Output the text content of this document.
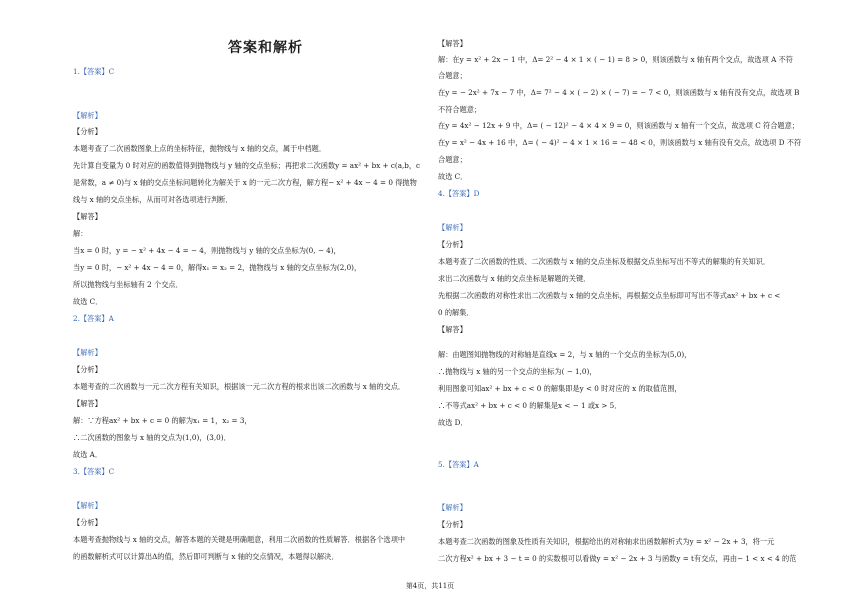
答案和解析
1.【答案】C
【解析】
【分析】
本题考查了二次函数图象上点的坐标特征，抛物线与 x 轴的交点，属于中档题．
先计算自变量为 0 时对应的函数值得到抛物线与 y 轴的交点坐标；再把求二次函数y = ax² + bx + c(a,b，c
是常数，a ≠ 0)与 x 轴的交点坐标问题转化为解关于 x 的一元二次方程，解方程− x² + 4x − 4 = 0 得抛物
线与 x 轴的交点坐标，从而可对各选项进行判断．
【解答】
解：
当x = 0 时，y = − x² + 4x − 4 = − 4，则抛物线与 y 轴的交点坐标为(0, − 4)，
当y = 0 时，− x² + 4x − 4 = 0，解得x₁ = x₂ = 2，抛物线与 x 轴的交点坐标为(2,0)，
所以抛物线与坐标轴有 2 个交点．
故选 C．
2.【答案】A
【解析】
【分析】
本题考查的二次函数与一元二次方程有关知识，根据该一元二次方程的根求出该二次函数与 x 轴的交点．
【解答】
解：∵方程ax² + bx + c = 0 的解为x₁ = 1，x₂ = 3，
∴二次函数的图象与 x 轴的交点为(1,0)，(3,0)．
故选 A．
3.【答案】C
【解析】
【分析】
本题考查抛物线与 x 轴的交点，解答本题的关键是明确题意，利用二次函数的性质解答．根据各个选项中
的函数解析式可以计算出Δ的值，然后即可判断与 x 轴的交点情况，本题得以解决．
【解答】
解：在y = x² + 2x − 1 中，Δ= 2² − 4 × 1 × ( − 1) = 8 > 0，则该函数与 x 轴有两个交点，故选项 A 不符
合题意；
在y = − 2x² + 7x − 7 中，Δ= 7² − 4 × ( − 2) × ( − 7) = − 7 < 0，则该函数与 x 轴有没有交点，故选项 B
不符合题意；
在y = 4x² − 12x + 9 中，Δ= ( − 12)² − 4 × 4 × 9 = 0，则该函数与 x 轴有一个交点，故选项 C 符合题意；
在y = x² − 4x + 16 中，Δ= ( − 4)² − 4 × 1 × 16 = − 48 < 0，则该函数与 x 轴有没有交点，故选项 D 不符
合题意；
故选 C．
4.【答案】D
【解析】
【分析】
本题考查了二次函数的性质、二次函数与 x 轴的交点坐标及根据交点坐标写出不等式的解集的有关知识．
求出二次函数与 x 轴的交点坐标是解题的关键．
先根据二次函数的对称性求出二次函数与 x 轴的交点坐标，再根据交点坐标即可写出不等式ax² + bx + c <
0 的解集．
【解答】
解：由题图知抛物线的对称轴是直线x = 2，与 x 轴的一个交点的坐标为(5,0)，
∴抛物线与 x 轴的另一个交点的坐标为( − 1,0)，
利用图象可知ax² + bx + c < 0 的解集即是y < 0 时对应的 x 的取值范围，
∴不等式ax² + bx + c < 0 的解集是x < − 1 或x > 5．
故选 D．
5.【答案】A
【解析】
【分析】
本题考查二次函数的图象及性质有关知识，根据给出的对称轴求出函数解析式为y = x² − 2x + 3，将一元
二次方程x² + bx + 3 − t = 0 的实数根可以看做y = x² − 2x + 3 与函数y = t有交点，再由− 1 < x < 4 的范
第4页，共11页
